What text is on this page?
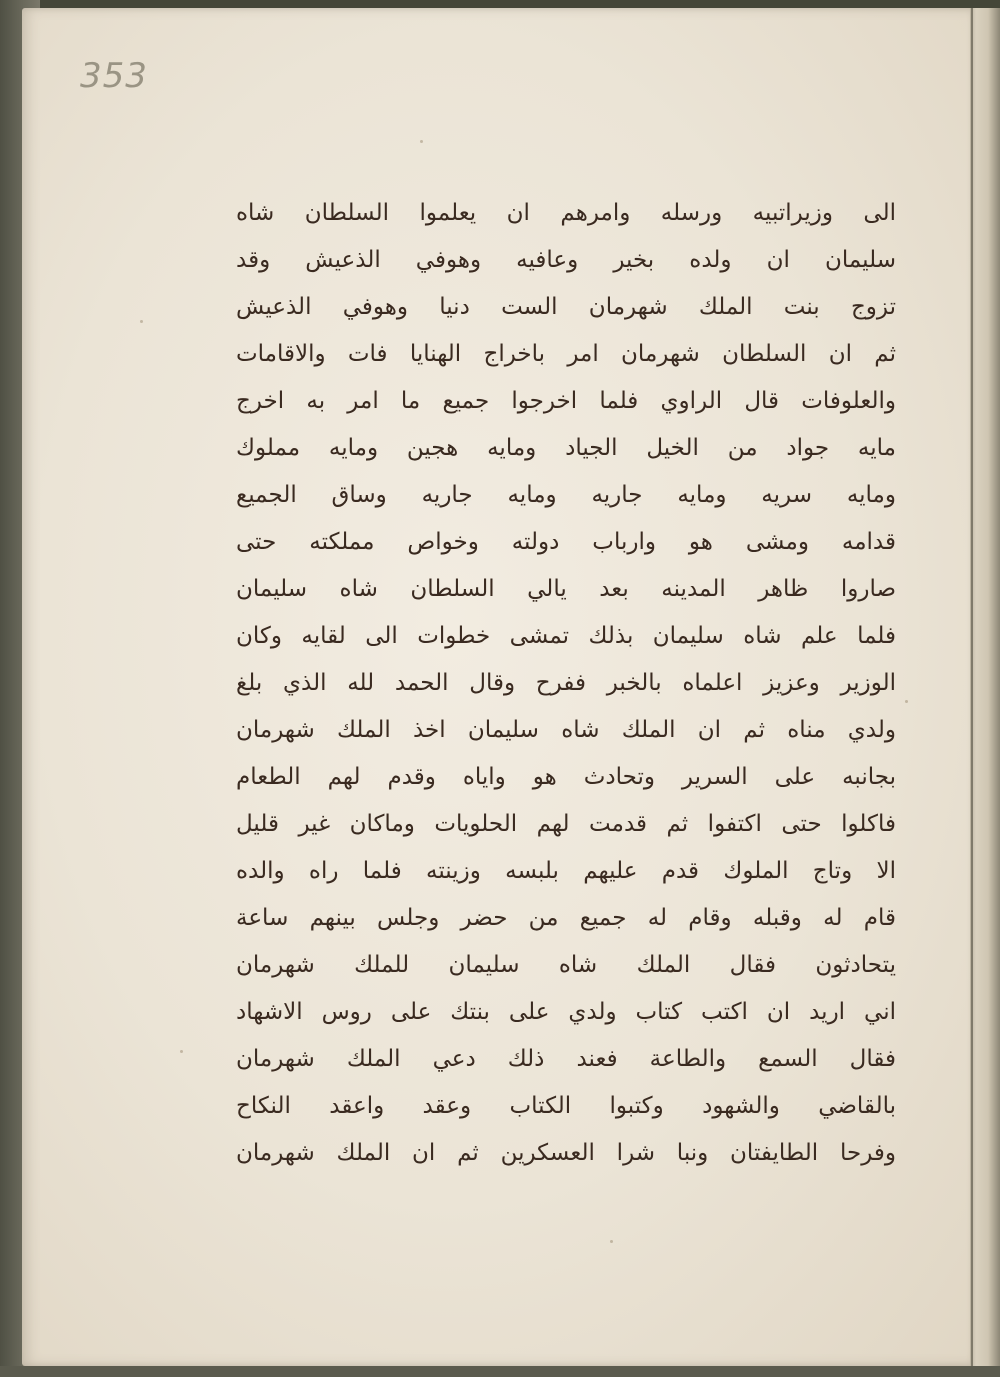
353
الى وزيراتبيه ورسله وامرهم ان يعلموا السلطان شاه
سليمان ان ولده بخير وعافيه وهوفي الذعيش وقد
تزوج بنت الملك شهرمان الست دنيا وهوفي الذعيش
ثم ان السلطان شهرمان امر باخراج الهنايا فات والاقامات
والعلوفات قال الراوي فلما اخرجوا جميع ما امر به اخرج
مايه جواد من الخيل الجياد ومايه هجين ومايه مملوك
ومايه سريه ومايه جاريه ومايه جاريه وساق الجميع
قدامه ومشى هو وارباب دولته وخواص مملكته حتى
صاروا ظاهر المدينه بعد يالي السلطان شاه سليمان
فلما علم شاه سليمان بذلك تمشى خطوات الى لقايه وكان
الوزير وعزيز اعلماه بالخبر ففرح وقال الحمد لله الذي بلغ
ولدي مناه ثم ان الملك شاه سليمان اخذ الملك شهرمان
بجانبه على السرير وتحادث هو واياه وقدم لهم الطعام
فاكلوا حتى اكتفوا ثم قدمت لهم الحلويات وماكان غير قليل
الا وتاج الملوك قدم عليهم بلبسه وزينته فلما راه والده
قام له وقبله وقام له جميع من حضر وجلس بينهم ساعة
يتحادثون فقال الملك شاه سليمان للملك شهرمان
اني اريد ان اكتب كتاب ولدي على بنتك على روس الاشهاد
فقال السمع والطاعة فعند ذلك دعي الملك شهرمان
بالقاضي والشهود وكتبوا الكتاب وعقد واعقد النكاح
وفرحا الطايفتان ونبا شرا العسكرين ثم ان الملك شهرمان
